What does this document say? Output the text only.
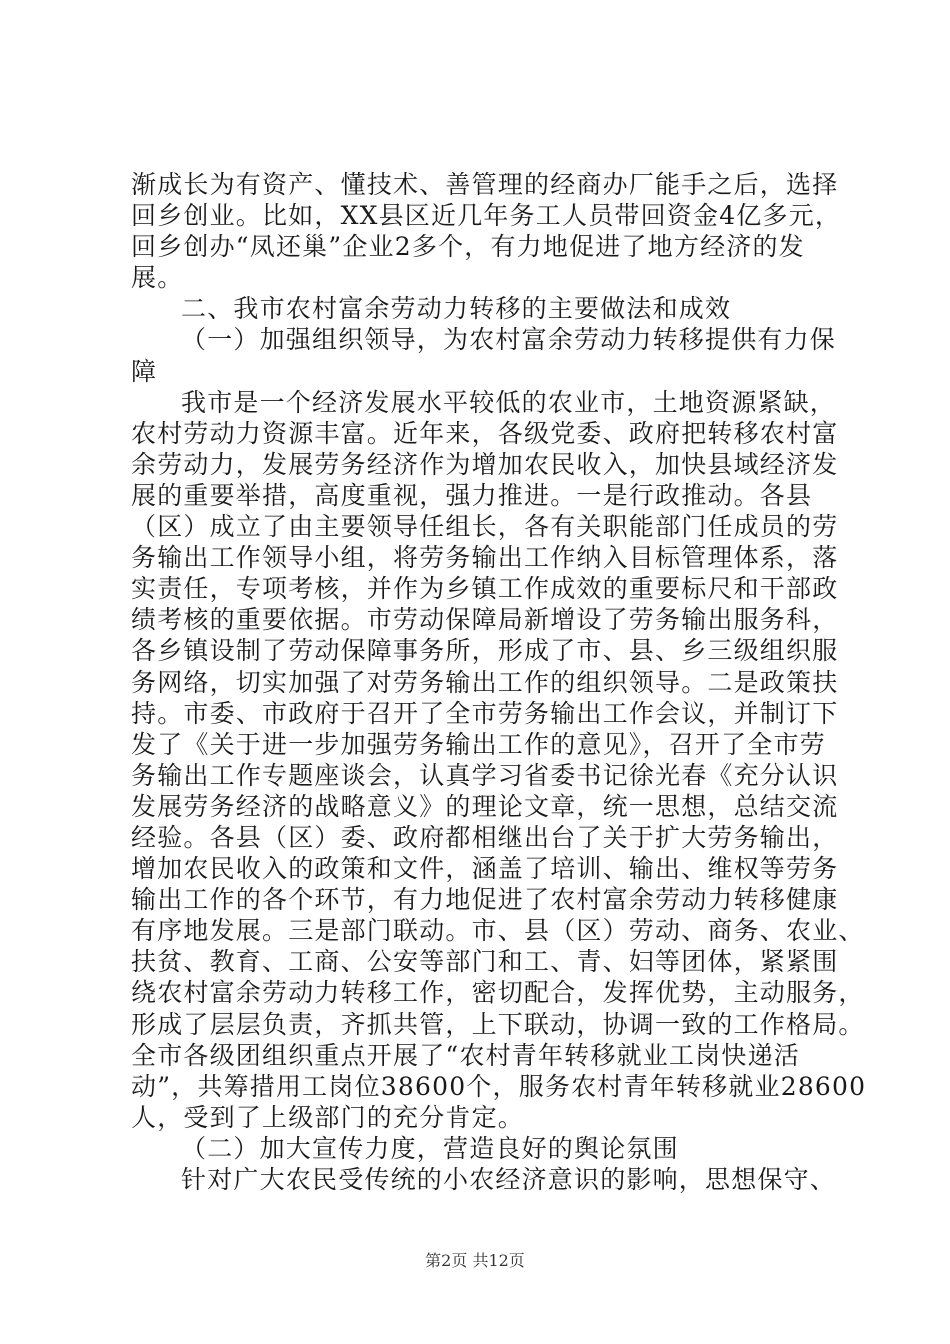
渐成长为有资产、懂技术、善管理的经商办厂能手之后，选择
回乡创业。比如，XX县区近几年务工人员带回资金4亿多元，
回乡创办“凤还巢”企业2多个，有力地促进了地方经济的发
展。
二、我市农村富余劳动力转移的主要做法和成效
（一）加强组织领导，为农村富余劳动力转移提供有力保
障
我市是一个经济发展水平较低的农业市，土地资源紧缺，
农村劳动力资源丰富。近年来，各级党委、政府把转移农村富
余劳动力，发展劳务经济作为增加农民收入，加快县域经济发
展的重要举措，高度重视，强力推进。一是行政推动。各县
（区）成立了由主要领导任组长，各有关职能部门任成员的劳
务输出工作领导小组，将劳务输出工作纳入目标管理体系，落
实责任，专项考核，并作为乡镇工作成效的重要标尺和干部政
绩考核的重要依据。市劳动保障局新增设了劳务输出服务科，
各乡镇设制了劳动保障事务所，形成了市、县、乡三级组织服
务网络，切实加强了对劳务输出工作的组织领导。二是政策扶
持。市委、市政府于召开了全市劳务输出工作会议，并制订下
发了《关于进一步加强劳务输出工作的意见》，召开了全市劳
务输出工作专题座谈会，认真学习省委书记徐光春《充分认识
发展劳务经济的战略意义》的理论文章，统一思想，总结交流
经验。各县（区）委、政府都相继出台了关于扩大劳务输出，
增加农民收入的政策和文件，涵盖了培训、输出、维权等劳务
输出工作的各个环节，有力地促进了农村富余劳动力转移健康
有序地发展。三是部门联动。市、县（区）劳动、商务、农业、
扶贫、教育、工商、公安等部门和工、青、妇等团体，紧紧围
绕农村富余劳动力转移工作，密切配合，发挥优势，主动服务，
形成了层层负责，齐抓共管，上下联动，协调一致的工作格局。
全市各级团组织重点开展了“农村青年转移就业工岗快递活
动”，共筹措用工岗位38600个，服务农村青年转移就业28600
人，受到了上级部门的充分肯定。
（二）加大宣传力度，营造良好的舆论氛围
针对广大农民受传统的小农经济意识的影响，思想保守、
第2页 共12页
